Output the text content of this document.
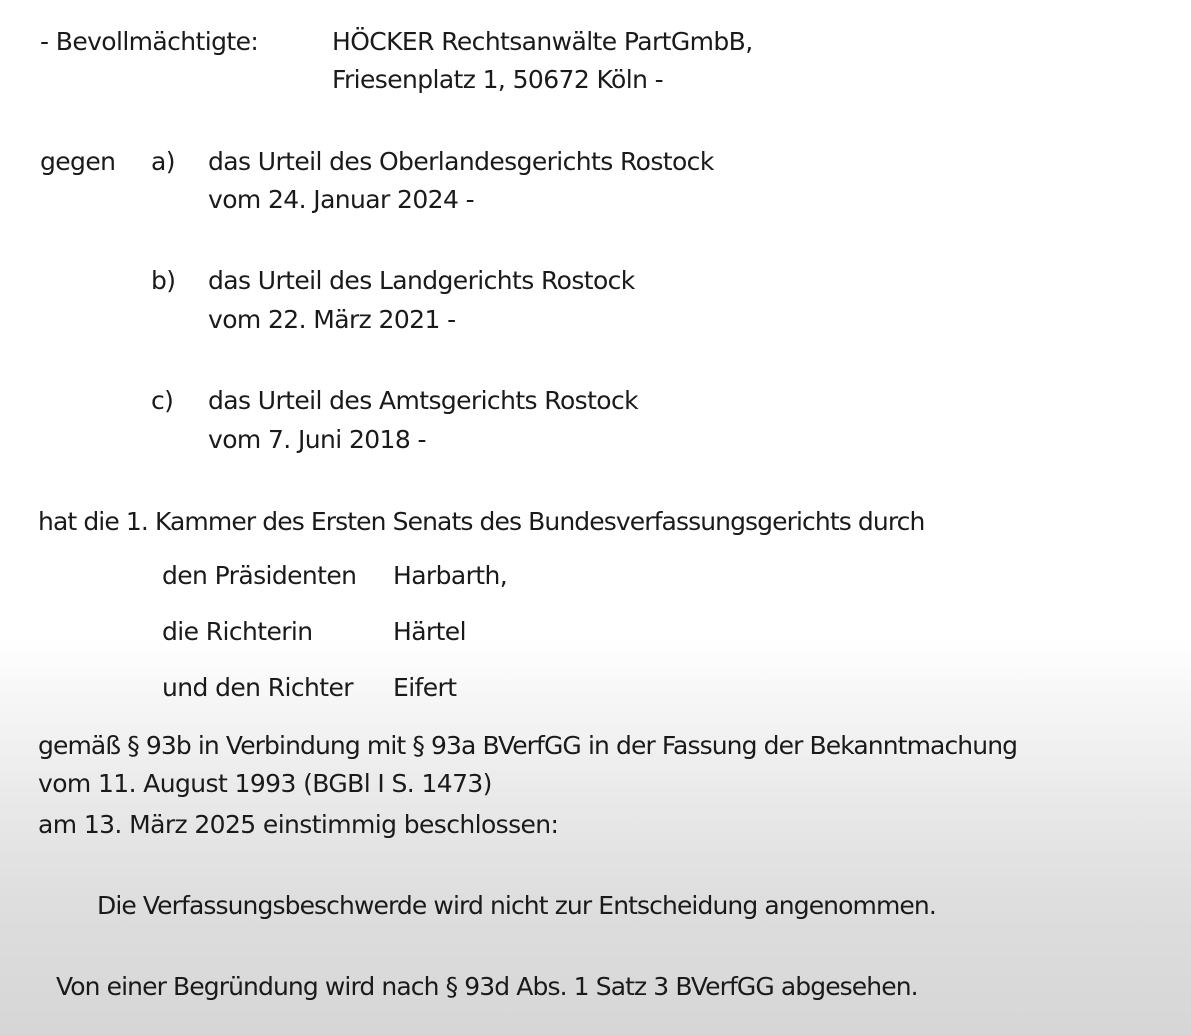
- Bevollmächtigte:	HÖCKER Rechtsanwälte PartGmbB,
Friesenplatz 1, 50672 Köln -
gegen a) das Urteil des Oberlandesgerichts Rostock
vom 24. Januar 2024 -
b) das Urteil des Landgerichts Rostock
vom 22. März 2021 -
c) das Urteil des Amtsgerichts Rostock
vom 7. Juni 2018 -
hat die 1. Kammer des Ersten Senats des Bundesverfassungsgerichts durch
den Präsidenten Harbarth,
die Richterin	Härtel
und den Richter Eifert
gemäß § 93b in Verbindung mit § 93a BVerfGG in der Fassung der Bekanntmachung
vom 11. August 1993 (BGBl I S. 1473)
am 13. März 2025 einstimmig beschlossen:
Die Verfassungsbeschwerde wird nicht zur Entscheidung angenommen.
Von einer Begründung wird nach § 93d Abs. 1 Satz 3 BVerfGG abgesehen.
